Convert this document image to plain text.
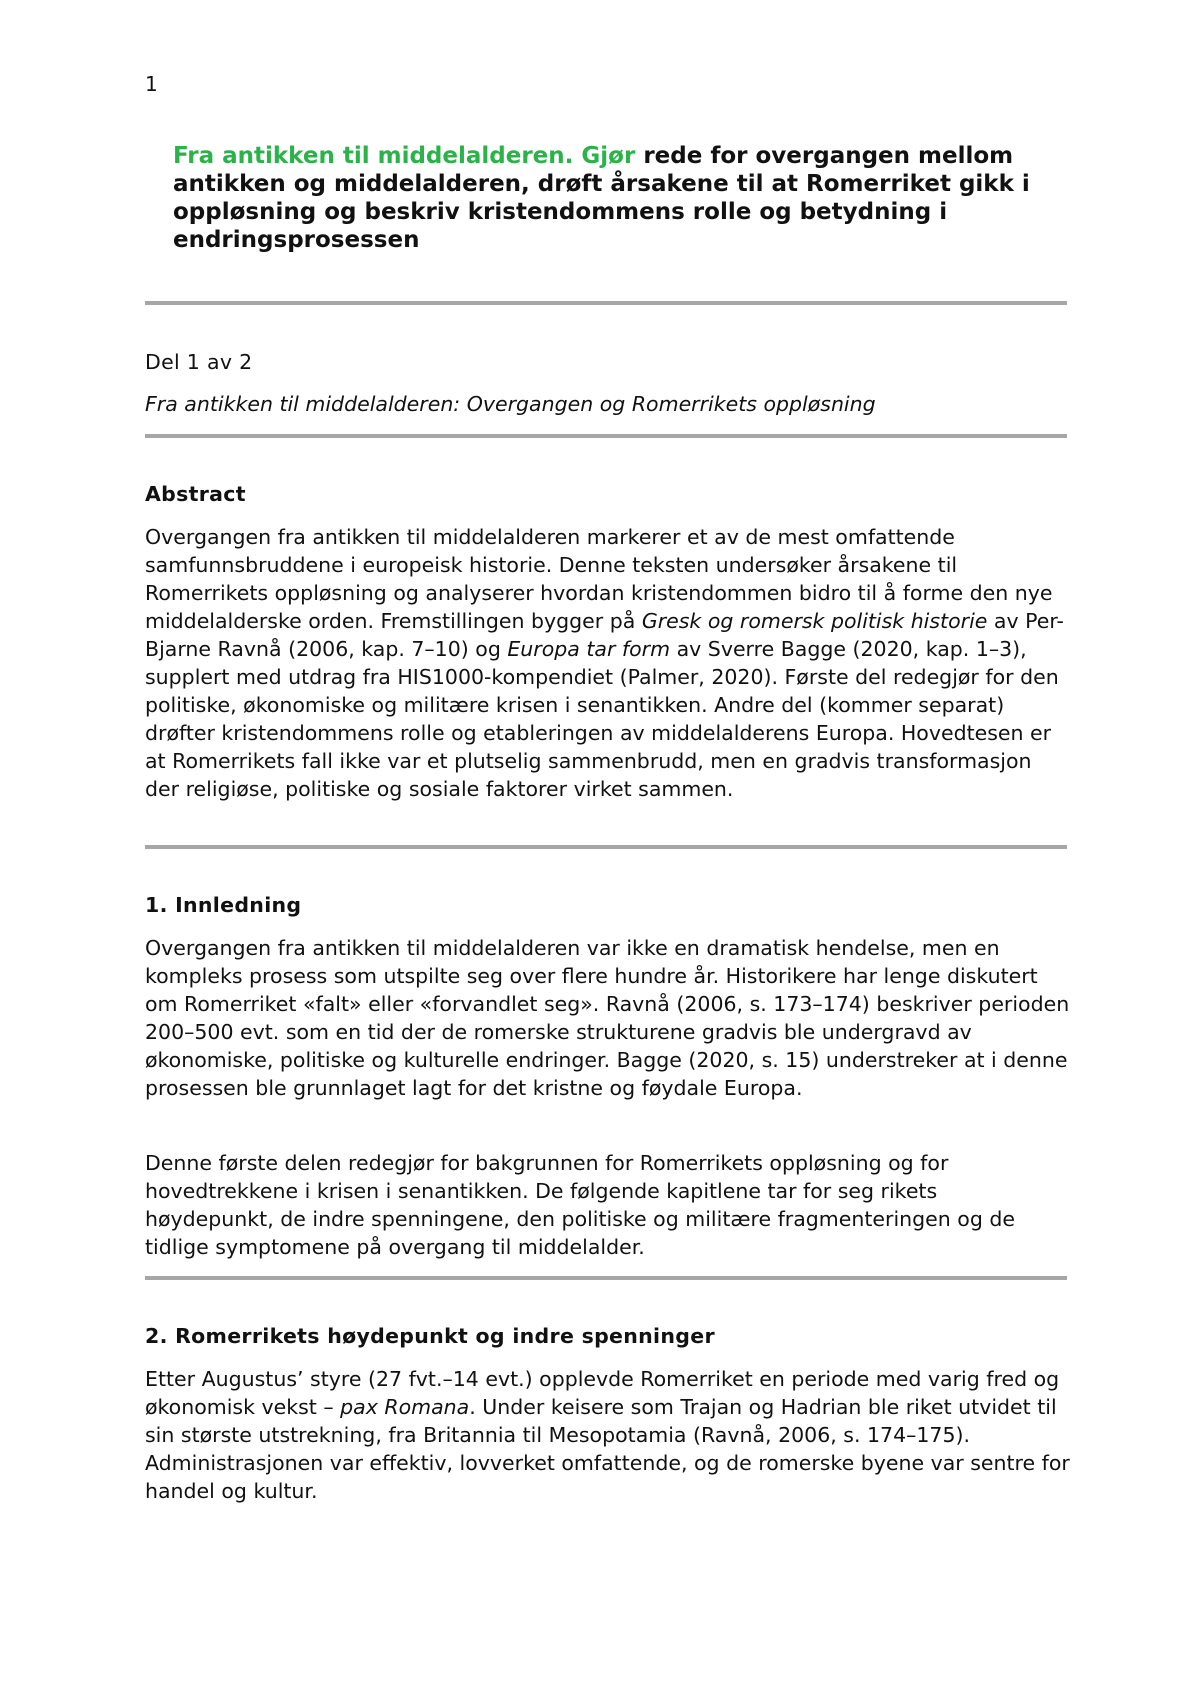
1

Fra antikken til middelalderen. Gjør rede for overgangen mellom antikken og middelalderen, drøft årsakene til at Romerriket gikk i oppløsning og beskriv kristendommens rolle og betydning i endringsprosessen

Del 1 av 2

Fra antikken til middelalderen: Overgangen og Romerrikets oppløsning

Abstract

Overgangen fra antikken til middelalderen markerer et av de mest omfattende samfunnsbruddene i europeisk historie. Denne teksten undersøker årsakene til Romerrikets oppløsning og analyserer hvordan kristendommen bidro til å forme den nye middelalderske orden. Fremstillingen bygger på Gresk og romersk politisk historie av Per-Bjarne Ravnå (2006, kap. 7–10) og Europa tar form av Sverre Bagge (2020, kap. 1–3), supplert med utdrag fra HIS1000-kompendiet (Palmer, 2020). Første del redegjør for den politiske, økonomiske og militære krisen i senantikken. Andre del (kommer separat) drøfter kristendommens rolle og etableringen av middelalderens Europa. Hovedtesen er at Romerrikets fall ikke var et plutselig sammenbrudd, men en gradvis transformasjon der religiøse, politiske og sosiale faktorer virket sammen.

1. Innledning

Overgangen fra antikken til middelalderen var ikke en dramatisk hendelse, men en kompleks prosess som utspilte seg over flere hundre år. Historikere har lenge diskutert om Romerriket «falt» eller «forvandlet seg». Ravnå (2006, s. 173–174) beskriver perioden 200–500 evt. som en tid der de romerske strukturene gradvis ble undergravd av økonomiske, politiske og kulturelle endringer. Bagge (2020, s. 15) understreker at i denne prosessen ble grunnlaget lagt for det kristne og føydale Europa.

Denne første delen redegjør for bakgrunnen for Romerrikets oppløsning og for hovedtrekkene i krisen i senantikken. De følgende kapitlene tar for seg rikets høydepunkt, de indre spenningene, den politiske og militære fragmenteringen og de tidlige symptomene på overgang til middelalder.

2. Romerrikets høydepunkt og indre spenninger

Etter Augustus’ styre (27 fvt.–14 evt.) opplevde Romerriket en periode med varig fred og økonomisk vekst – pax Romana. Under keisere som Trajan og Hadrian ble riket utvidet til sin største utstrekning, fra Britannia til Mesopotamia (Ravnå, 2006, s. 174–175). Administrasjonen var effektiv, lovverket omfattende, og de romerske byene var sentre for handel og kultur.
